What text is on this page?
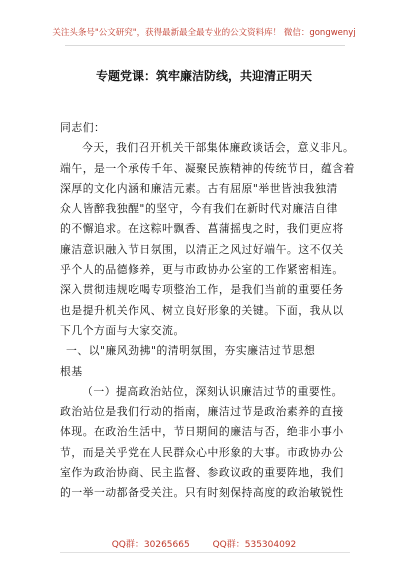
关注头条号"公文研究"，获得最新最全最专业的公文资料库！ 微信：gongwenyj
专题党课：筑牢廉洁防线，共迎清正明天
同志们：
今天，我们召开机关干部集体廉政谈话会，意义非凡。
端午，是一个承传千年、凝聚民族精神的传统节日，蕴含着
深厚的文化内涵和廉洁元素。古有屈原"举世皆浊我独清
众人皆醉我独醒"的坚守，今有我们在新时代对廉洁自律
的不懈追求。在这粽叶飘香、菖蒲摇曳之时，我们更应将
廉洁意识融入节日氛围，以清正之风过好端午。这不仅关
乎个人的品德修养，更与市政协办公室的工作紧密相连。
深入贯彻违规吃喝专项整治工作，是我们当前的重要任务
也是提升机关作风、树立良好形象的关键。下面，我从以
下几个方面与大家交流。
一、以"廉风劲拂"的清明氛围，夯实廉洁过节思想
根基
（一）提高政治站位，深刻认识廉洁过节的重要性。
政治站位是我们行动的指南，廉洁过节是政治素养的直接
体现。在政治生活中，节日期间的廉洁与否，绝非小事小
节，而是关乎党在人民群众心中形象的大事。市政协办公
室作为政治协商、民主监督、参政议政的重要阵地，我们
的一举一动都备受关注。只有时刻保持高度的政治敏锐性
QQ群：30265665	QQ群：535304092
